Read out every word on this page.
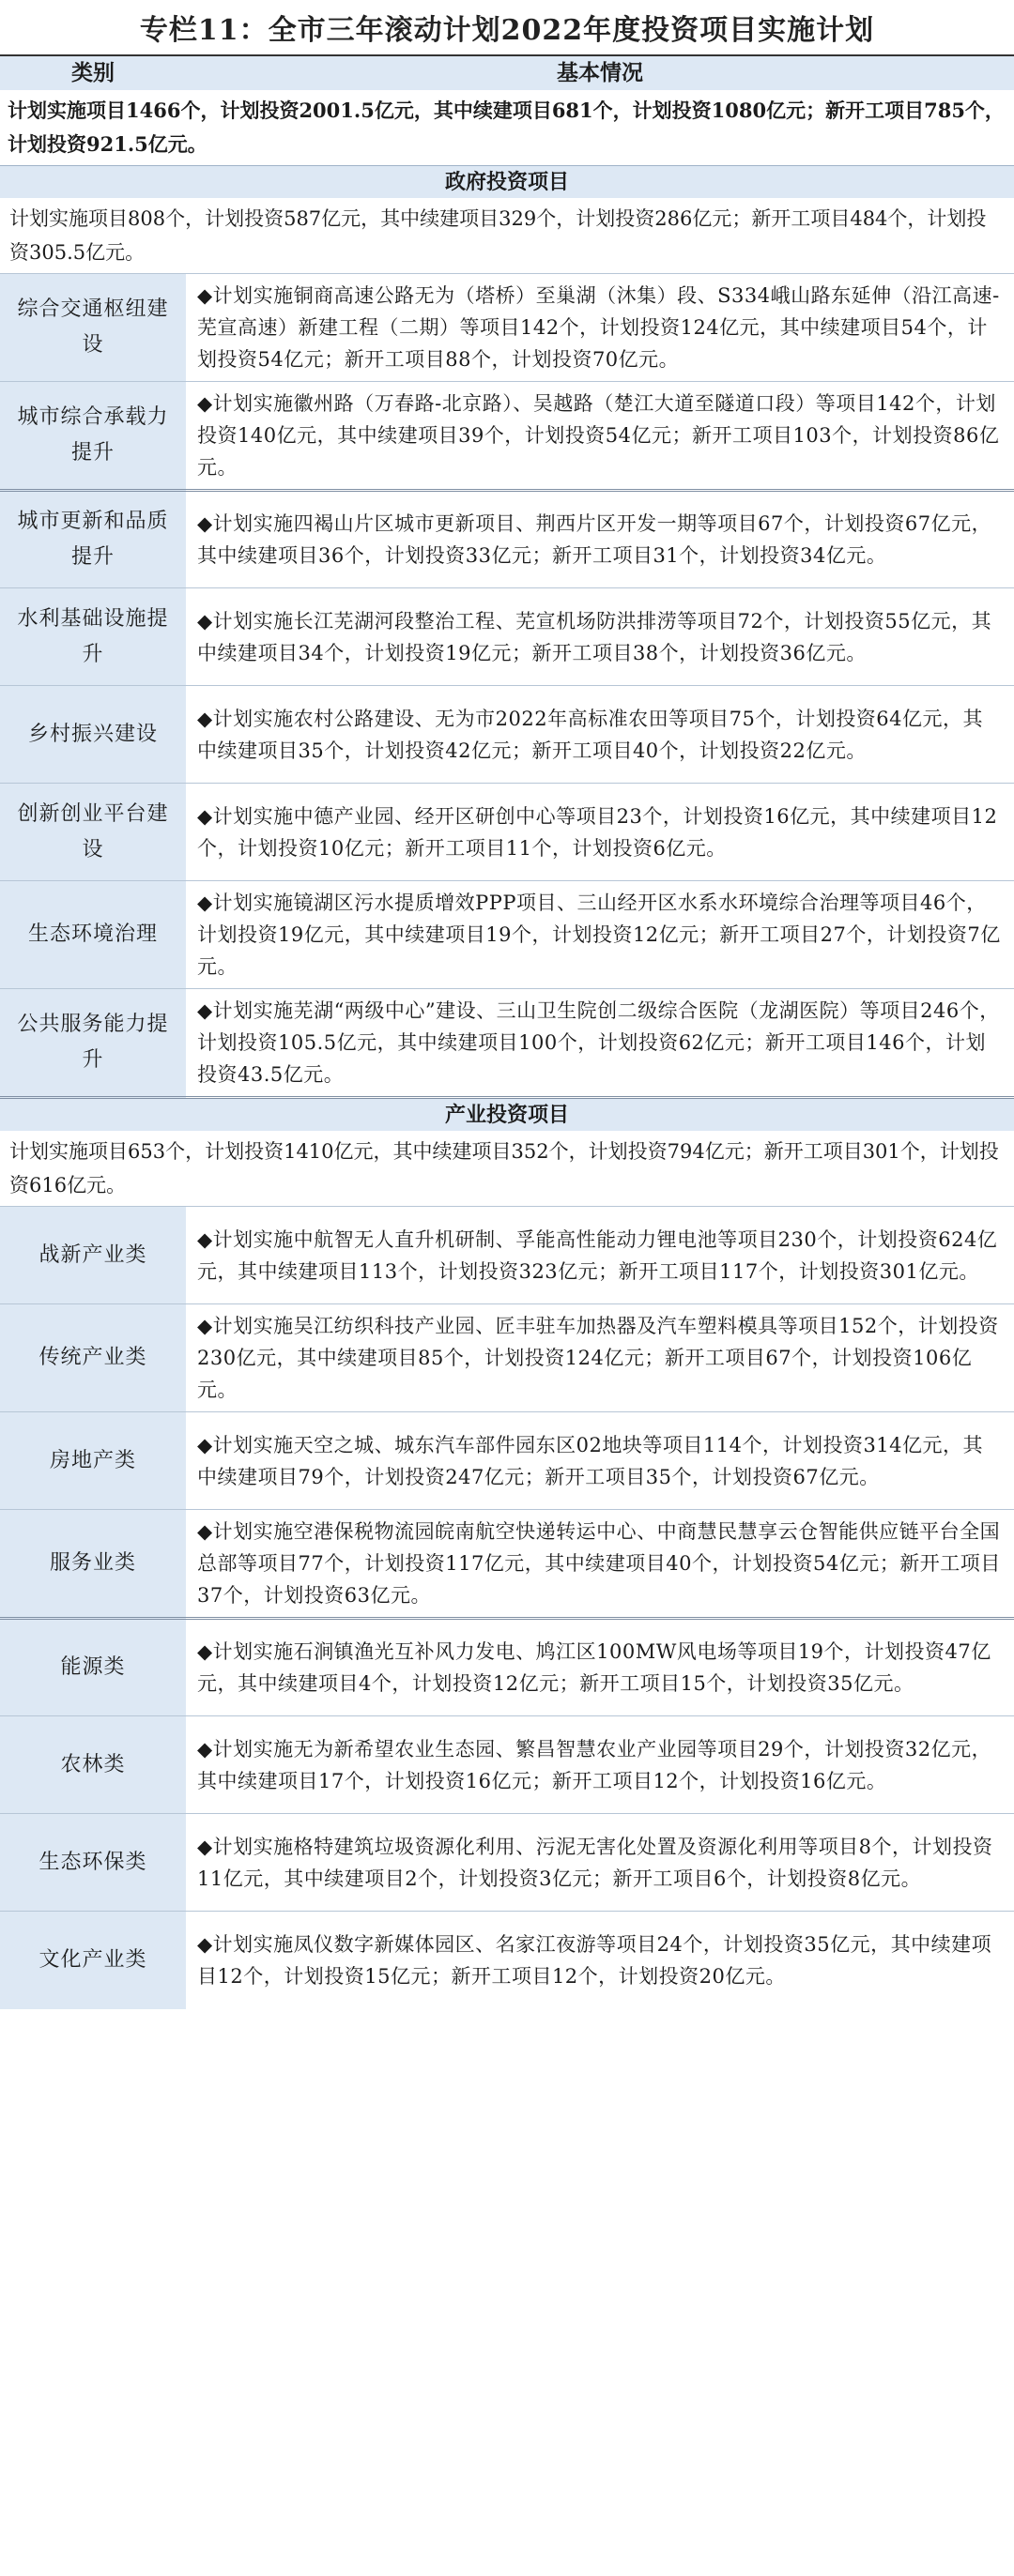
专栏11：全市三年滚动计划2022年度投资项目实施计划
类别	基本情况
计划实施项目1466个，计划投资2001.5亿元，其中续建项目681个，计划投资1080亿元；新开工项目785个，计划投资921.5亿元。	
政府投资项目	
计划实施项目808个，计划投资587亿元，其中续建项目329个，计划投资286亿元；新开工项目484个，计划投资305.5亿元。	
综合交通枢纽建设	◆计划实施铜商高速公路无为（塔桥）至巢湖（沐集）段、S334峨山路东延伸（沿江高速-芜宣高速）新建工程（二期）等项目142个，计划投资124亿元，其中续建项目54个，计划投资54亿元；新开工项目88个，计划投资70亿元。
城市综合承载力提升	◆计划实施徽州路（万春路-北京路）、吴越路（楚江大道至隧道口段）等项目142个，计划投资140亿元，其中续建项目39个，计划投资54亿元；新开工项目103个，计划投资86亿元。
城市更新和品质提升	◆计划实施四褐山片区城市更新项目、荆西片区开发一期等项目67个，计划投资67亿元，其中续建项目36个，计划投资33亿元；新开工项目31个，计划投资34亿元。
水利基础设施提升	◆计划实施长江芜湖河段整治工程、芜宣机场防洪排涝等项目72个，计划投资55亿元，其中续建项目34个，计划投资19亿元；新开工项目38个，计划投资36亿元。
乡村振兴建设	◆计划实施农村公路建设、无为市2022年高标准农田等项目75个，计划投资64亿元，其中续建项目35个，计划投资42亿元；新开工项目40个，计划投资22亿元。
创新创业平台建设	◆计划实施中德产业园、经开区研创中心等项目23个，计划投资16亿元，其中续建项目12个，计划投资10亿元；新开工项目11个，计划投资6亿元。
生态环境治理	◆计划实施镜湖区污水提质增效PPP项目、三山经开区水系水环境综合治理等项目46个，计划投资19亿元，其中续建项目19个，计划投资12亿元；新开工项目27个，计划投资7亿元。
公共服务能力提升	◆计划实施芜湖“两级中心”建设、三山卫生院创二级综合医院（龙湖医院）等项目246个，计划投资105.5亿元，其中续建项目100个，计划投资62亿元；新开工项目146个，计划投资43.5亿元。
产业投资项目	
计划实施项目653个，计划投资1410亿元，其中续建项目352个，计划投资794亿元；新开工项目301个，计划投资616亿元。	
战新产业类	◆计划实施中航智无人直升机研制、孚能高性能动力锂电池等项目230个，计划投资624亿元，其中续建项目113个，计划投资323亿元；新开工项目117个，计划投资301亿元。
传统产业类	◆计划实施吴江纺织科技产业园、匠丰驻车加热器及汽车塑料模具等项目152个，计划投资230亿元，其中续建项目85个，计划投资124亿元；新开工项目67个，计划投资106亿元。
房地产类	◆计划实施天空之城、城东汽车部件园东区02地块等项目114个，计划投资314亿元，其中续建项目79个，计划投资247亿元；新开工项目35个，计划投资67亿元。
服务业类	◆计划实施空港保税物流园皖南航空快递转运中心、中商慧民慧享云仓智能供应链平台全国总部等项目77个，计划投资117亿元，其中续建项目40个，计划投资54亿元；新开工项目37个，计划投资63亿元。
能源类	◆计划实施石涧镇渔光互补风力发电、鸠江区100MW风电场等项目19个，计划投资47亿元，其中续建项目4个，计划投资12亿元；新开工项目15个，计划投资35亿元。
农林类	◆计划实施无为新希望农业生态园、繁昌智慧农业产业园等项目29个，计划投资32亿元，其中续建项目17个，计划投资16亿元；新开工项目12个，计划投资16亿元。
生态环保类	◆计划实施格特建筑垃圾资源化利用、污泥无害化处置及资源化利用等项目8个，计划投资11亿元，其中续建项目2个，计划投资3亿元；新开工项目6个，计划投资8亿元。
文化产业类	◆计划实施凤仪数字新媒体园区、名家江夜游等项目24个，计划投资35亿元，其中续建项目12个，计划投资15亿元；新开工项目12个，计划投资20亿元。
